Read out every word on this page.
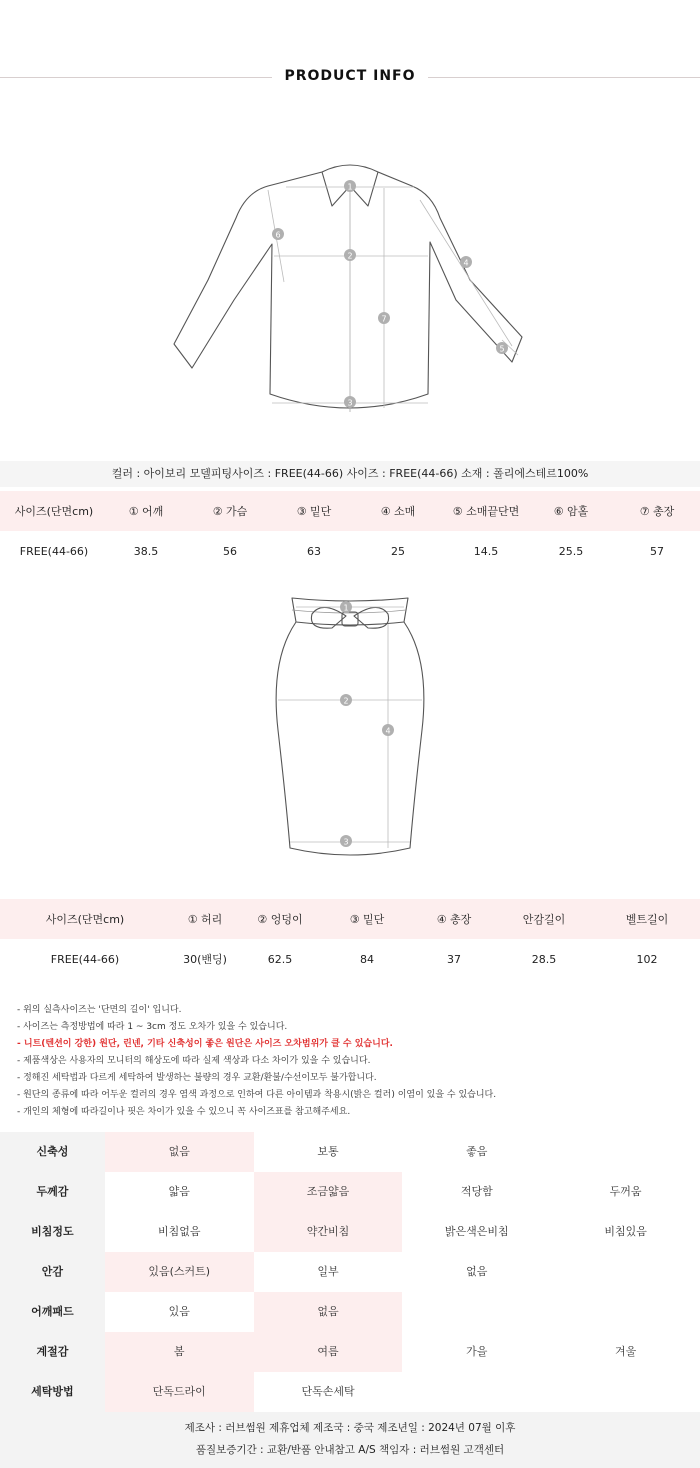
PRODUCT INFO
1
2
3
4
5
6
7
컬러 : 아이보리 모델피팅사이즈 : FREE(44-66) 사이즈 : FREE(44-66) 소재 : 폴리에스테르100%
사이즈(단면cm)	① 어깨	② 가슴	③ 밑단	④ 소매	⑤ 소매끝단면	⑥ 암홀	⑦ 총장
FREE(44-66)	38.5	56	63	25	14.5	25.5	57
1
2
3
4
사이즈(단면cm)	① 허리	② 엉덩이	③ 밑단	④ 총장	안감길이	벨트길이
FREE(44-66)	30(밴딩)	62.5	84	37	28.5	102
- 위의 실측사이즈는 '단면의 길이' 입니다.
- 사이즈는 측정방법에 따라 1 ~ 3cm 정도 오차가 있을 수 있습니다.
- 니트(텐션이 강한) 원단, 린넨, 기타 신축성이 좋은 원단은 사이즈 오차범위가 클 수 있습니다.
- 제품색상은 사용자의 모니터의 해상도에 따라 실제 색상과 다소 차이가 있을 수 있습니다.
- 정해진 세탁법과 다르게 세탁하여 발생하는 불량의 경우 교환/환불/수선이모두 불가합니다.
- 원단의 종류에 따라 어두운 컬러의 경우 염색 과정으로 인하여 다른 아이템과 착용시(밝은 컬러) 이염이 있을 수 있습니다.
- 개인의 체형에 따라길이나 핏은 차이가 있을 수 있으니 꼭 사이즈표를 참고해주세요.
신축성	없음	보통	좋음
두께감	얇음	조금얇음	적당함	두꺼움
비침정도	비침없음	약간비침	밝은색은비침	비침있음
안감	있음(스커트)	일부	없음
어깨패드	있음	없음
계절감	봄	여름	가을	겨울
세탁방법	단독드라이	단독손세탁
제조사 : 러브썸원 제휴업체 제조국 : 중국 제조년일 : 2024년 07월 이후
품질보증기간 : 교환/반품 안내참고 A/S 책임자 : 러브썸원 고객센터
